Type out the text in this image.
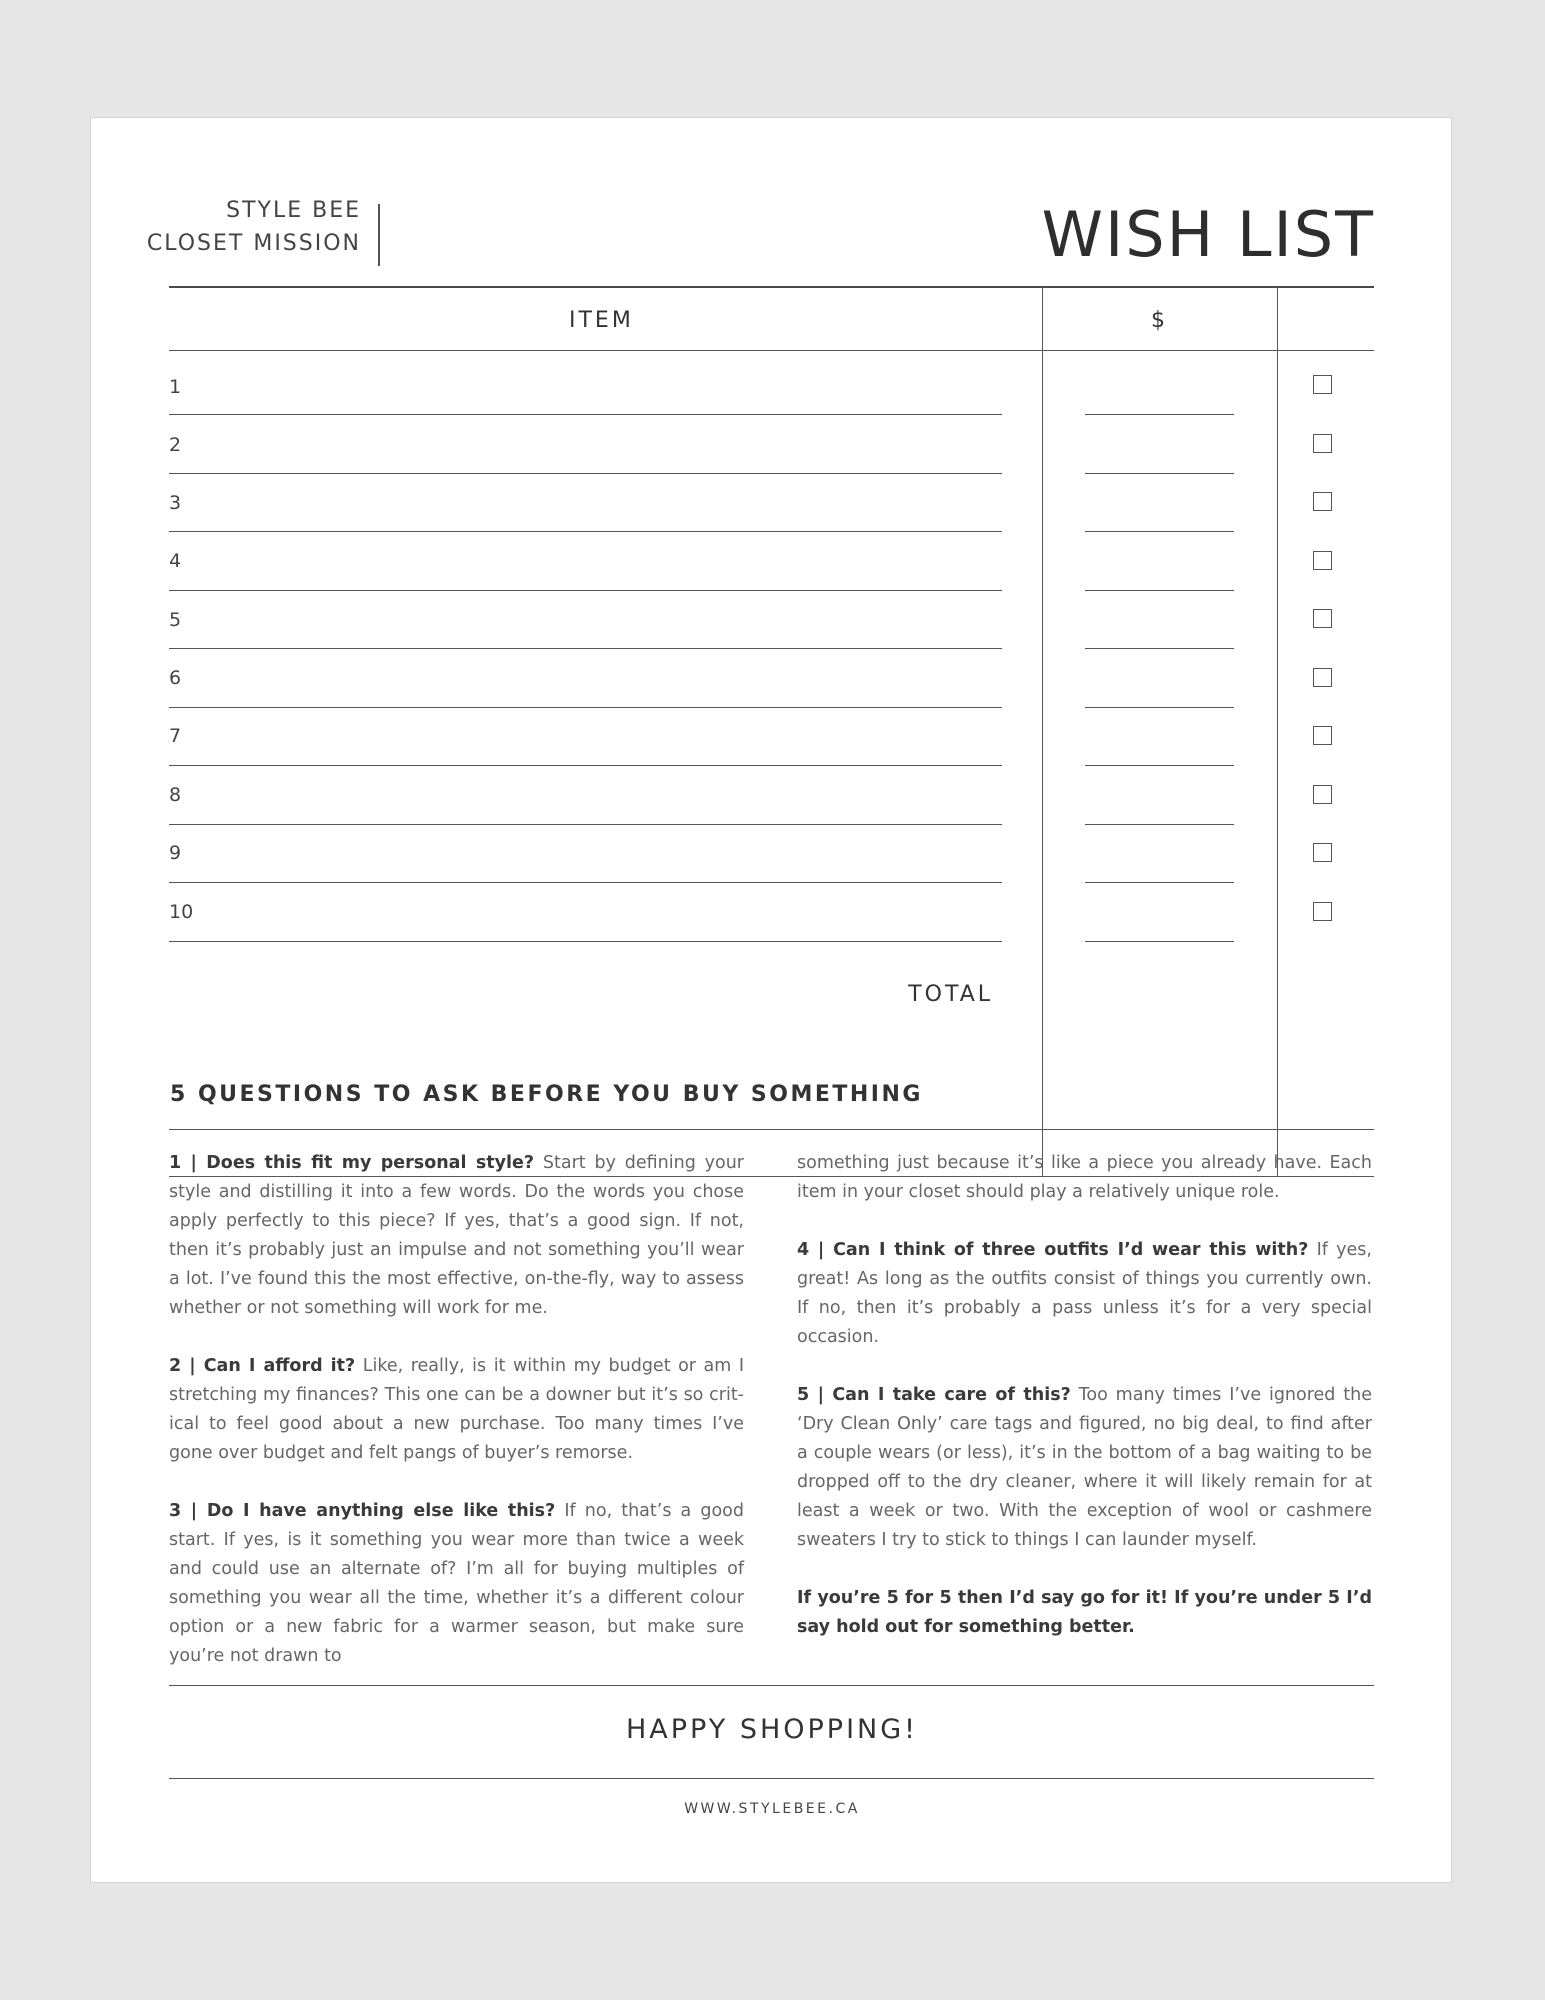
STYLE BEE
CLOSET MISSION	WISH LIST
ITEM	$
1
2
3
4
5
6
7
8
9
10
TOTAL
5 QUESTIONS TO ASK BEFORE YOU BUY SOMETHING

1 | Does this fit my personal style? Start by defining your style and distilling it into a few words. Do the words you chose apply perfectly to this piece? If yes, that’s a good sign. If not, then it’s probably just an impulse and not something you’ll wear a lot. I’ve found this the most effective, on-the-fly, way to assess whether or not something will work for me.

2 | Can I afford it? Like, really, is it within my budget or am I stretching my finances? This one can be a downer but it’s so crit-ical to feel good about a new purchase. Too many times I’ve gone over budget and felt pangs of buyer’s remorse.

3 | Do I have anything else like this? If no, that’s a good start. If yes, is it something you wear more than twice a week and could use an alternate of? I’m all for buying multiples of something you wear all the time, whether it’s a different colour option or a new fabric for a warmer season, but make sure you’re not drawn to

something just because it’s like a piece you already have. Each item in your closet should play a relatively unique role.

4 | Can I think of three outfits I’d wear this with? If yes, great! As long as the outfits consist of things you currently own. If no, then it’s probably a pass unless it’s for a very special occasion.

5 | Can I take care of this? Too many times I’ve ignored the ‘Dry Clean Only’ care tags and figured, no big deal, to find after a couple wears (or less), it’s in the bottom of a bag waiting to be dropped off to the dry cleaner, where it will likely remain for at least a week or two. With the exception of wool or cashmere sweaters I try to stick to things I can launder myself.

If you’re 5 for 5 then I’d say go for it! If you’re under 5 I’d say hold out for something better.

HAPPY SHOPPING!
WWW.STYLEBEE.CA
